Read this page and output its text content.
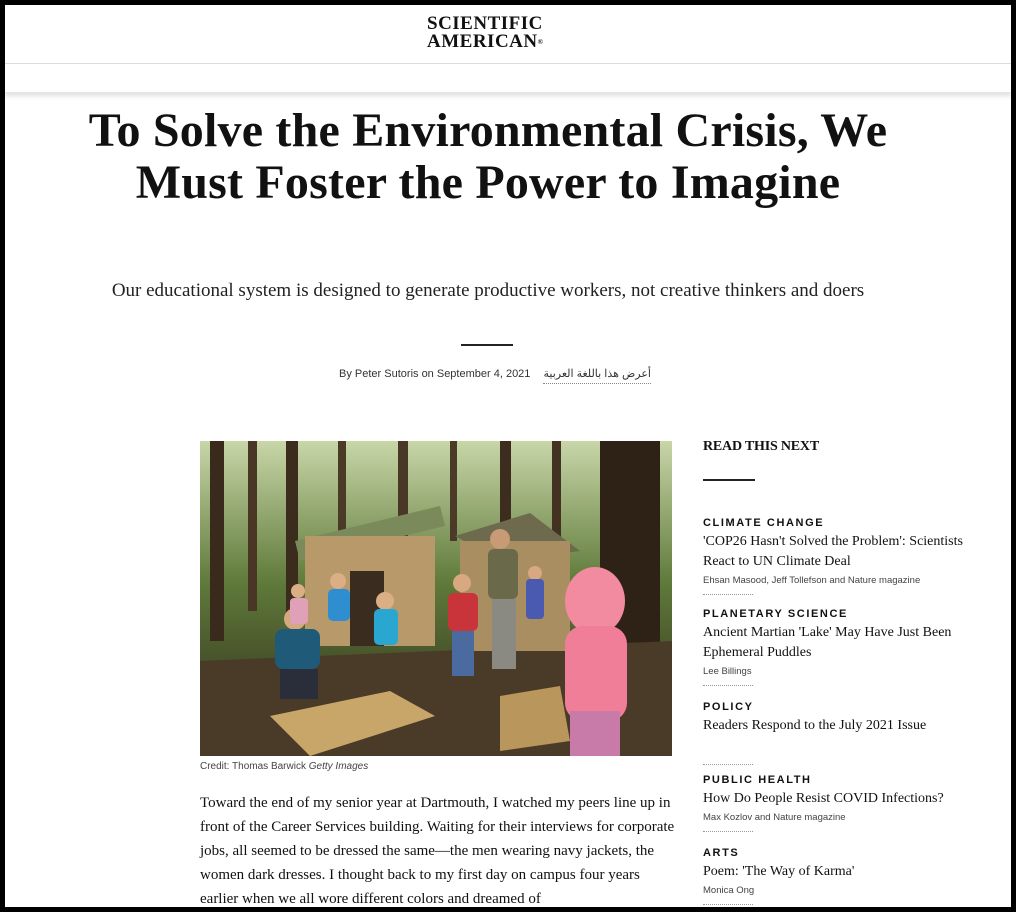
SCIENTIFIC
AMERICAN®
To Solve the Environmental Crisis, We Must Foster the Power to Imagine

Our educational system is designed to generate productive workers, not creative thinkers and doers

By Peter Sutoris on September 4, 2021 أعرض هذا باللغة العربية
Credit: Thomas Barwick Getty Images

Toward the end of my senior year at Dartmouth, I watched my peers line up in front of the Career Services building. Waiting for their interviews for corporate jobs, all seemed to be dressed the same—the men wearing navy jackets, the women dark dresses. I thought back to my first day on campus four years earlier when we all wore different colors and dreamed of

READ THIS NEXT
CLIMATE CHANGE
'COP26 Hasn't Solved the Problem': Scientists React to UN Climate Deal
Ehsan Masood, Jeff Tollefson and Nature magazine
PLANETARY SCIENCE
Ancient Martian 'Lake' May Have Just Been Ephemeral Puddles
Lee Billings
POLICY
Readers Respond to the July 2021 Issue
PUBLIC HEALTH
How Do People Resist COVID Infections?
Max Kozlov and Nature magazine
ARTS
Poem: 'The Way of Karma'
Monica Ong
